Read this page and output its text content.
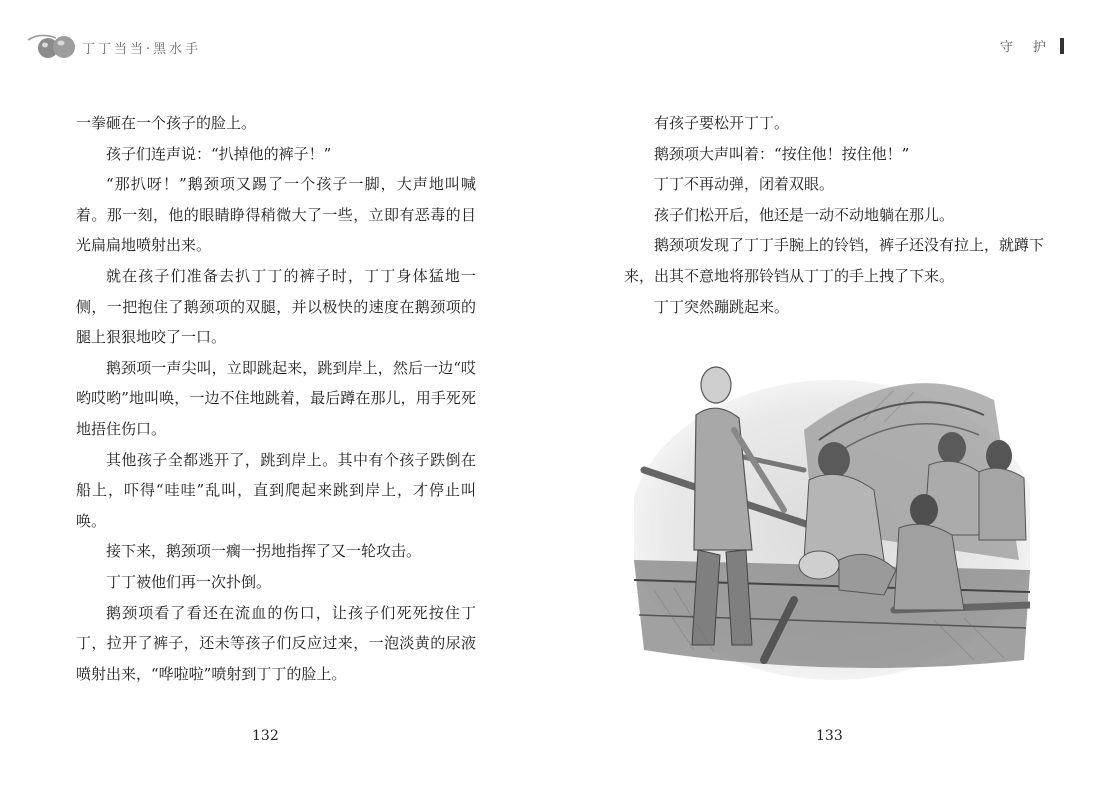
丁丁当当·黑水手

一拳砸在一个孩子的脸上。

孩子们连声说：“扒掉他的裤子！”

“那扒呀！”鹅颈项又踢了一个孩子一脚，大声地叫喊着。那一刻，他的眼睛睁得稍微大了一些，立即有恶毒的目光扁扁地喷射出来。

就在孩子们准备去扒丁丁的裤子时，丁丁身体猛地一侧，一把抱住了鹅颈项的双腿，并以极快的速度在鹅颈项的腿上狠狠地咬了一口。

鹅颈项一声尖叫，立即跳起来，跳到岸上，然后一边“哎哟哎哟”地叫唤，一边不住地跳着，最后蹲在那儿，用手死死地捂住伤口。

其他孩子全都逃开了，跳到岸上。其中有个孩子跌倒在船上，吓得“哇哇”乱叫，直到爬起来跳到岸上，才停止叫唤。

接下来，鹅颈项一瘸一拐地指挥了又一轮攻击。

丁丁被他们再一次扑倒。

鹅颈项看了看还在流血的伤口，让孩子们死死按住丁丁，拉开了裤子，还未等孩子们反应过来，一泡淡黄的尿液喷射出来，“哗啦啦”喷射到丁丁的脸上。

132
守 护

有孩子要松开丁丁。

鹅颈项大声叫着：“按住他！按住他！”

丁丁不再动弹，闭着双眼。

孩子们松开后，他还是一动不动地躺在那儿。

鹅颈项发现了丁丁手腕上的铃铛，裤子还没有拉上，就蹲下来，出其不意地将那铃铛从丁丁的手上拽了下来。

丁丁突然蹦跳起来。

133
